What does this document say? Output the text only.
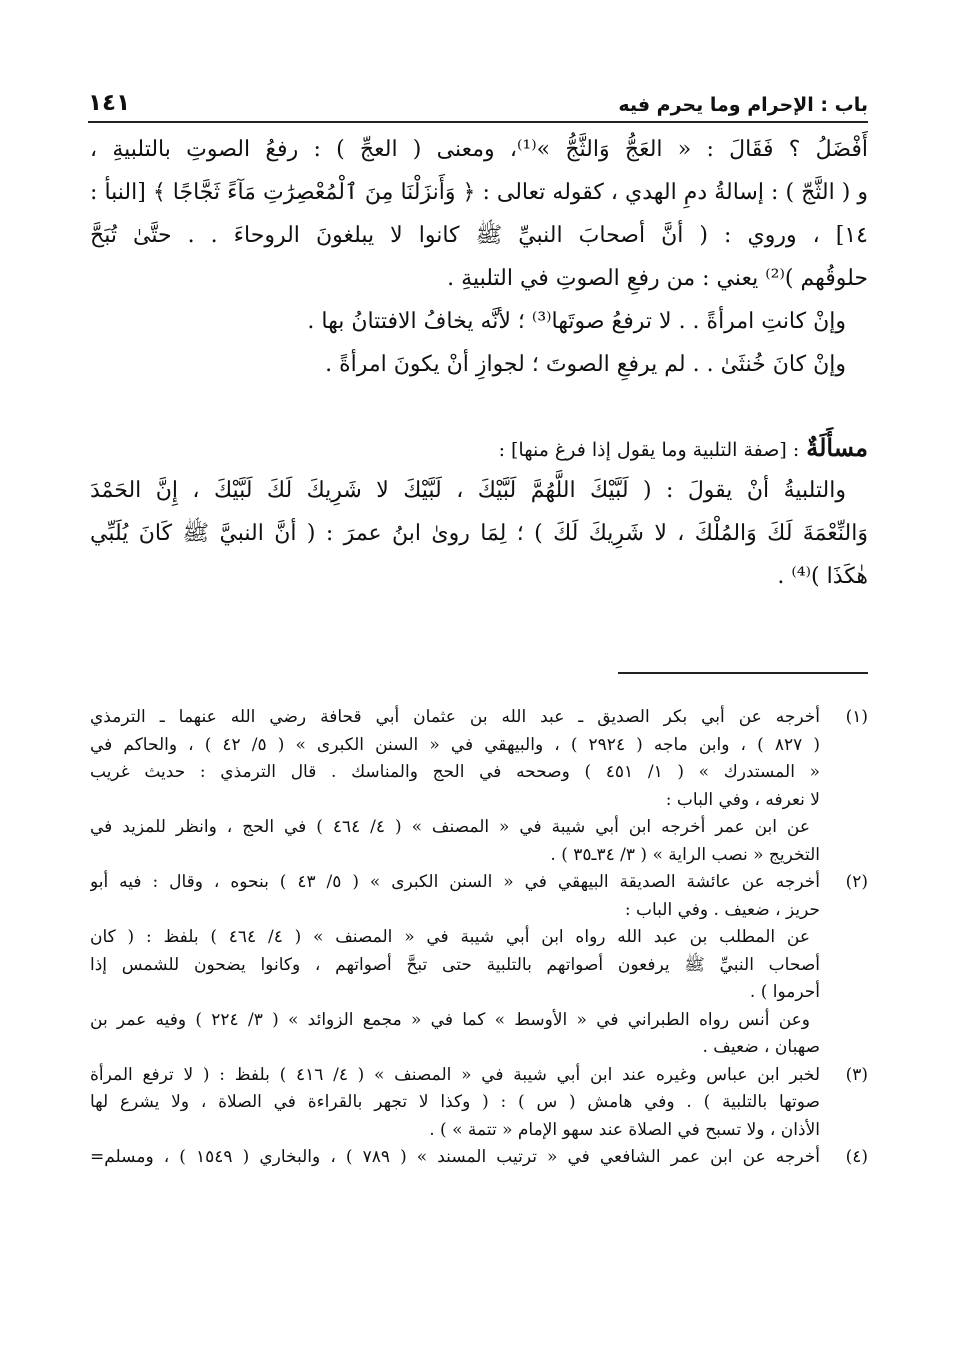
باب : الإحرام وما يحرم فيه
١٤١
أَفْضَلُ ؟ فَقَالَ : « العَجُّ وَالثَّجُّ »⁽¹⁾، ومعنى ( العجِّ ) : رفعُ الصوتِ بالتلبيةِ ،
و ( الثَّجّ ) : إسالةُ دمِ الهدي ، كقوله تعالى : ﴿ وَأَنزَلْنَا مِنَ ٱلْمُعْصِرَٰتِ مَآءً ثَجَّاجًا ﴾ [النبأ :
١٤] ، وروي : ( أنَّ أصحابَ النبيِّ ﷺ كانوا لا يبلغونَ الروحاءَ . . حتَّىٰ تُبَحَّ
حلوقُهم )⁽²⁾ يعني : من رفعِ الصوتِ في التلبيةِ .
وإنْ كانتِ امرأةً . . لا ترفعُ صوتَها⁽³⁾ ؛ لأنَّه يخافُ الافتتانُ بها .
وإنْ كانَ خُنثَىٰ . . لم يرفعِ الصوتَ ؛ لجوازِ أنْ يكونَ امرأةً .
مسأَلَةٌ : [صفة التلبية وما يقول إذا فرغ منها] :
والتلبيةُ أنْ يقولَ : ( لَبَّيْكَ اللَّهُمَّ لَبَّيْكَ ، لَبَّيْكَ لا شَرِيكَ لَكَ لَبَّيْكَ ، إِنَّ الحَمْدَ
وَالنِّعْمَةَ لَكَ وَالمُلْكَ ، لا شَرِيكَ لَكَ ) ؛ لِمَا روىٰ ابنُ عمرَ : ( أنَّ النبيَّ ﷺ كَانَ يُلَبِّي
هٰكَذَا )⁽⁴⁾ .
(١)أخرجه عن أبي بكر الصديق ـ عبد الله بن عثمان أبي قحافة رضي الله عنهما ـ الترمذي
( ٨٢٧ ) ، وابن ماجه ( ٢٩٢٤ ) ، والبيهقي في « السنن الكبرى » ( ٥/ ٤٢ ) ، والحاكم في
« المستدرك » ( ١/ ٤٥١ ) وصححه في الحج والمناسك . قال الترمذي : حديث غريب
لا نعرفه ، وفي الباب :
عن ابن عمر أخرجه ابن أبي شيبة في « المصنف » ( ٤/ ٤٦٤ ) في الحج ، وانظر للمزيد في
التخريج « نصب الراية » ( ٣/ ٣٤ـ٣٥ ) .
(٢)أخرجه عن عائشة الصديقة البيهقي في « السنن الكبرى » ( ٥/ ٤٣ ) بنحوه ، وقال : فيه أبو
حريز ، ضعيف . وفي الباب :
عن المطلب بن عبد الله رواه ابن أبي شيبة في « المصنف » ( ٤/ ٤٦٤ ) بلفظ : ( كان
أصحاب النبيِّ ﷺ يرفعون أصواتهم بالتلبية حتى تبحَّ أصواتهم ، وكانوا يضحون للشمس إذا
أحرموا ) .
وعن أنس رواه الطبراني في « الأوسط » كما في « مجمع الزوائد » ( ٣/ ٢٢٤ ) وفيه عمر بن
صهبان ، ضعيف .
(٣)لخبر ابن عباس وغيره عند ابن أبي شيبة في « المصنف » ( ٤/ ٤١٦ ) بلفظ : ( لا ترفع المرأة
صوتها بالتلبية ) . وفي هامش ( س ) : ( وكذا لا تجهر بالقراءة في الصلاة ، ولا يشرع لها
الأذان ، ولا تسبح في الصلاة عند سهو الإمام « تتمة » ) .
(٤)أخرجه عن ابن عمر الشافعي في « ترتيب المسند » ( ٧٨٩ ) ، والبخاري ( ١٥٤٩ ) ، ومسلم=
